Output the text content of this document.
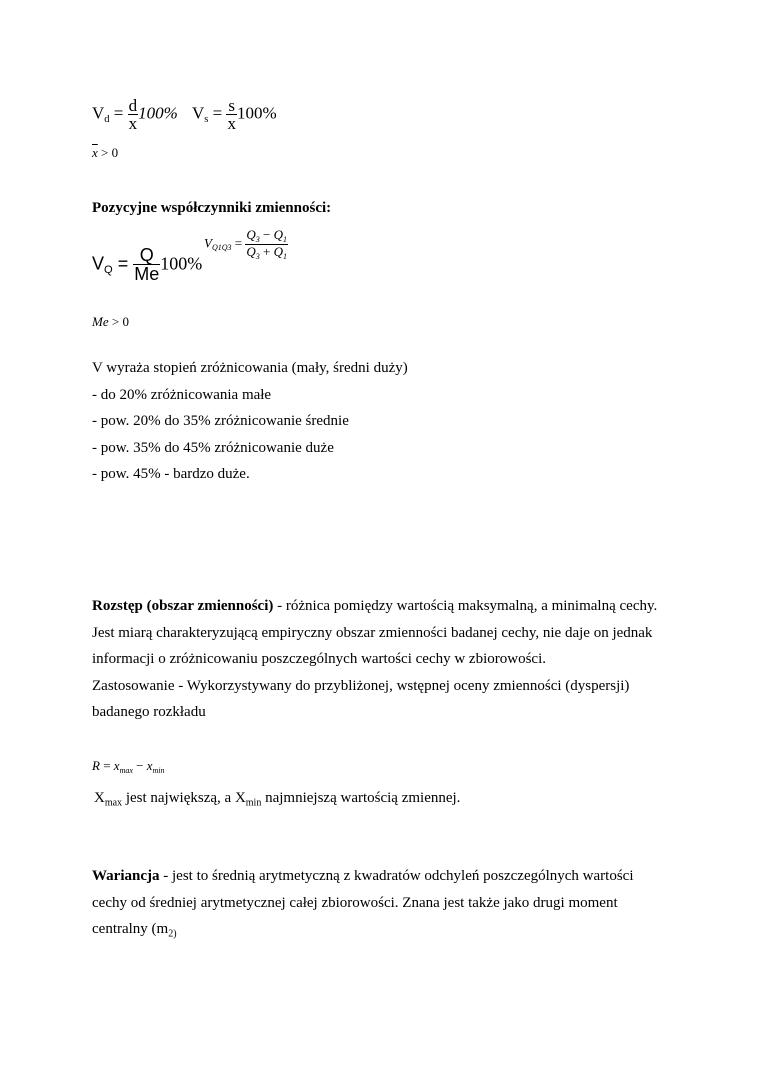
$V_d = \frac{d}{x} 100\%$ $V_s = \frac{s}{x} 100\%$
$\overline{x} > 0$
Pozycyjne współczynniki zmienności:
$V_Q = \frac{Q}{Me} 100\%$
$V_{Q1Q3} = \frac{Q_3 - Q_1}{Q_3 + Q_1}$
Me > 0

V wyraża stopień zróżnicowania (mały, średni duży)

- do 20% zróżnicowania małe

- pow. 20% do 35% zróżnicowanie średnie

- pow. 35% do 45% zróżnicowanie duże

- pow. 45% - bardzo duże.

Rozstęp (obszar zmienności) - różnica pomiędzy wartością maksymalną, a minimalną cechy.

Jest miarą charakteryzującą empiryczny obszar zmienności badanej cechy, nie daje on jednak

informacji o zróżnicowaniu poszczególnych wartości cechy w zbiorowości.

Zastosowanie - Wykorzystywany do przybliżonej, wstępnej oceny zmienności (dyspersji)

badanego rozkładu

$R = x_{max} - x_{min}$
$X_{max}$ jest największą, a $X_{min}$ najmniejszą wartością zmiennej.

Wariancja - jest to średnią arytmetyczną z kwadratów odchyleń poszczególnych wartości

cechy od średniej arytmetycznej całej zbiorowości. Znana jest także jako drugi moment

centralny ($m_{2)}$
